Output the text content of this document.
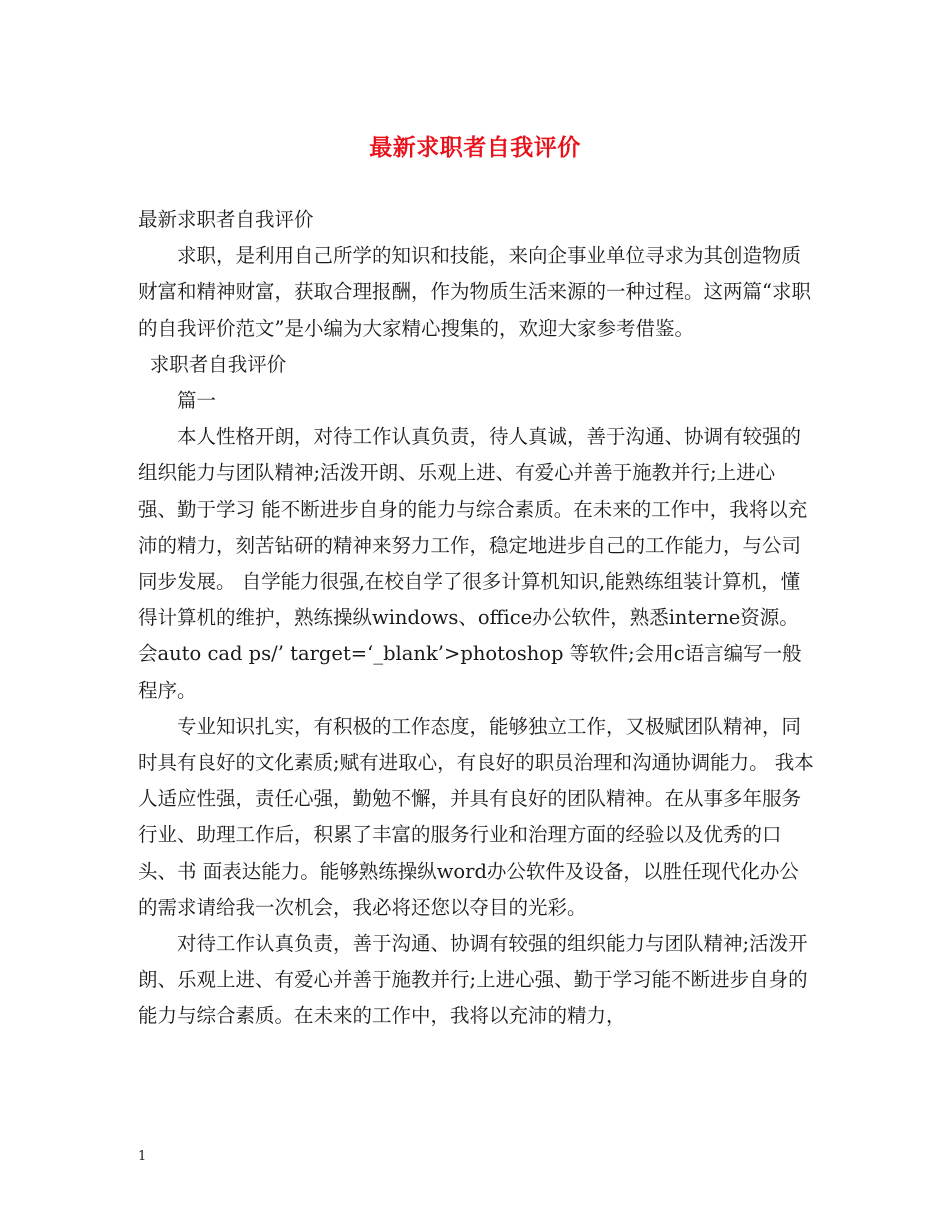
最新求职者自我评价

最新求职者自我评价

求职，是利用自己所学的知识和技能，来向企事业单位寻求为其创造物质财富和精神财富，获取合理报酬，作为物质生活来源的一种过程。这两篇“求职的自我评价范文”是小编为大家精心搜集的，欢迎大家参考借鉴。

求职者自我评价

篇一

本人性格开朗，对待工作认真负责，待人真诚，善于沟通、协调有较强的组织能力与团队精神;活泼开朗、乐观上进、有爱心并善于施教并行;上进心强、勤于学习 能不断进步自身的能力与综合素质。在未来的工作中，我将以充沛的精力，刻苦钻研的精神来努力工作，稳定地进步自己的工作能力，与公司同步发展。 自学能力很强,在校自学了很多计算机知识,能熟练组装计算机，懂得计算机的维护，熟练操纵windows、office办公软件，熟悉interne资源。会auto cad ps/’ target=‘_blank’>photoshop 等软件;会用c语言编写一般程序。

专业知识扎实，有积极的工作态度，能够独立工作，又极赋团队精神，同时具有良好的文化素质;赋有进取心，有良好的职员治理和沟通协调能力。 我本人适应性强，责任心强，勤勉不懈，并具有良好的团队精神。在从事多年服务行业、助理工作后，积累了丰富的服务行业和治理方面的经验以及优秀的口头、书 面表达能力。能够熟练操纵word办公软件及设备，以胜任现代化办公的需求请给我一次机会，我必将还您以夺目的光彩。

对待工作认真负责，善于沟通、协调有较强的组织能力与团队精神;活泼开朗、乐观上进、有爱心并善于施教并行;上进心强、勤于学习能不断进步自身的能力与综合素质。在未来的工作中，我将以充沛的精力，

1
